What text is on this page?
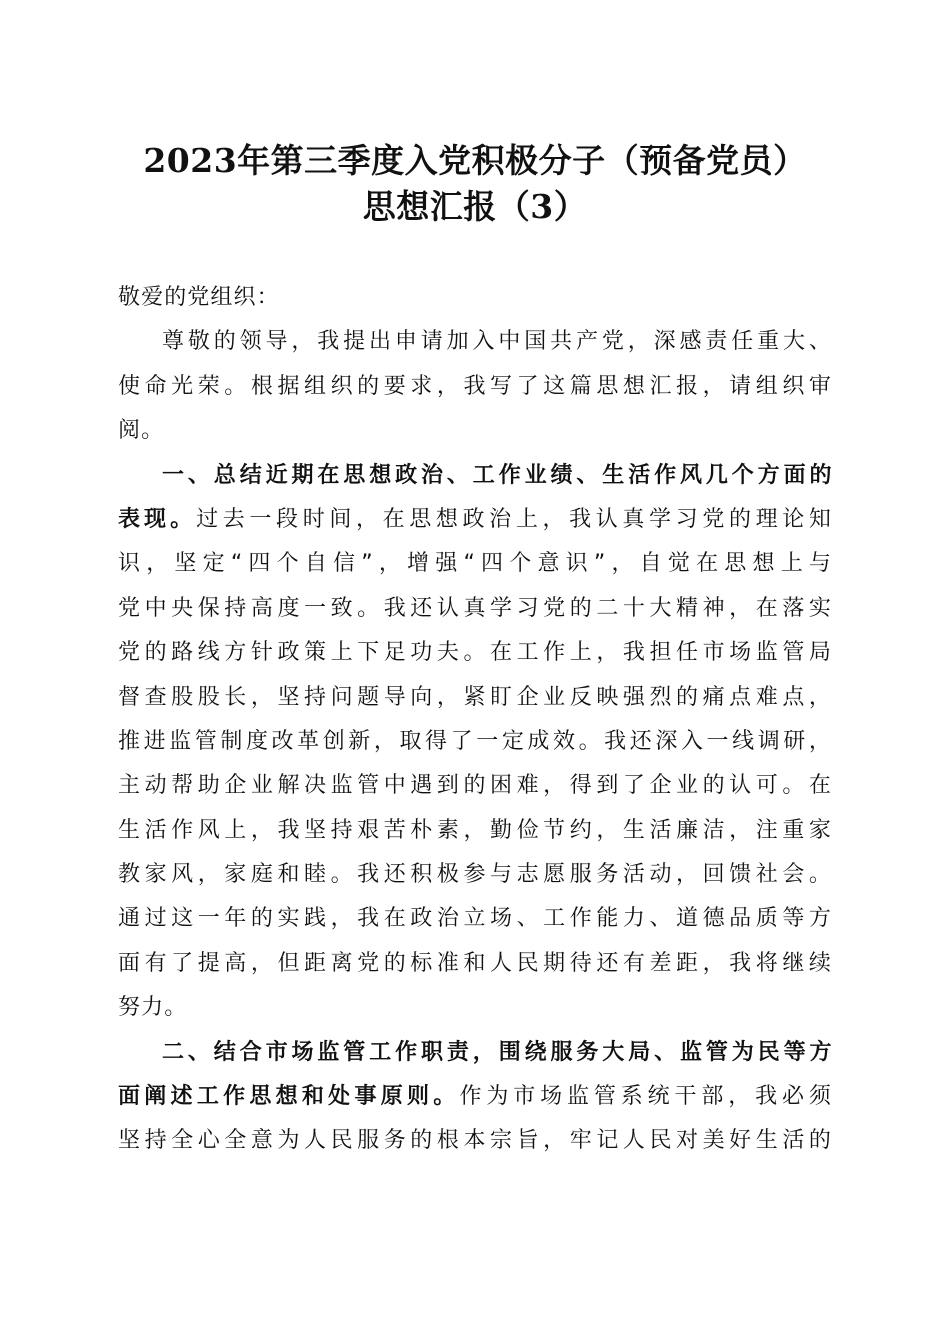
2023年第三季度入党积极分子（预备党员）
思想汇报（3）
敬爱的党组织：
尊敬的领导，我提出申请加入中国共产党，深感责任重大、
使命光荣。根据组织的要求，我写了这篇思想汇报，请组织审
阅。
一、总结近期在思想政治、工作业绩、生活作风几个方面的
表现。过去一段时间，在思想政治上，我认真学习党的理论知
识，坚定“四个自信”，增强“四个意识”，自觉在思想上与
党中央保持高度一致。我还认真学习党的二十大精神，在落实
党的路线方针政策上下足功夫。在工作上，我担任市场监管局
督查股股长，坚持问题导向，紧盯企业反映强烈的痛点难点，
推进监管制度改革创新，取得了一定成效。我还深入一线调研，
主动帮助企业解决监管中遇到的困难，得到了企业的认可。在
生活作风上，我坚持艰苦朴素，勤俭节约，生活廉洁，注重家
教家风，家庭和睦。我还积极参与志愿服务活动，回馈社会。
通过这一年的实践，我在政治立场、工作能力、道德品质等方
面有了提高，但距离党的标准和人民期待还有差距，我将继续
努力。
二、结合市场监管工作职责，围绕服务大局、监管为民等方
面阐述工作思想和处事原则。作为市场监管系统干部，我必须
坚持全心全意为人民服务的根本宗旨，牢记人民对美好生活的
